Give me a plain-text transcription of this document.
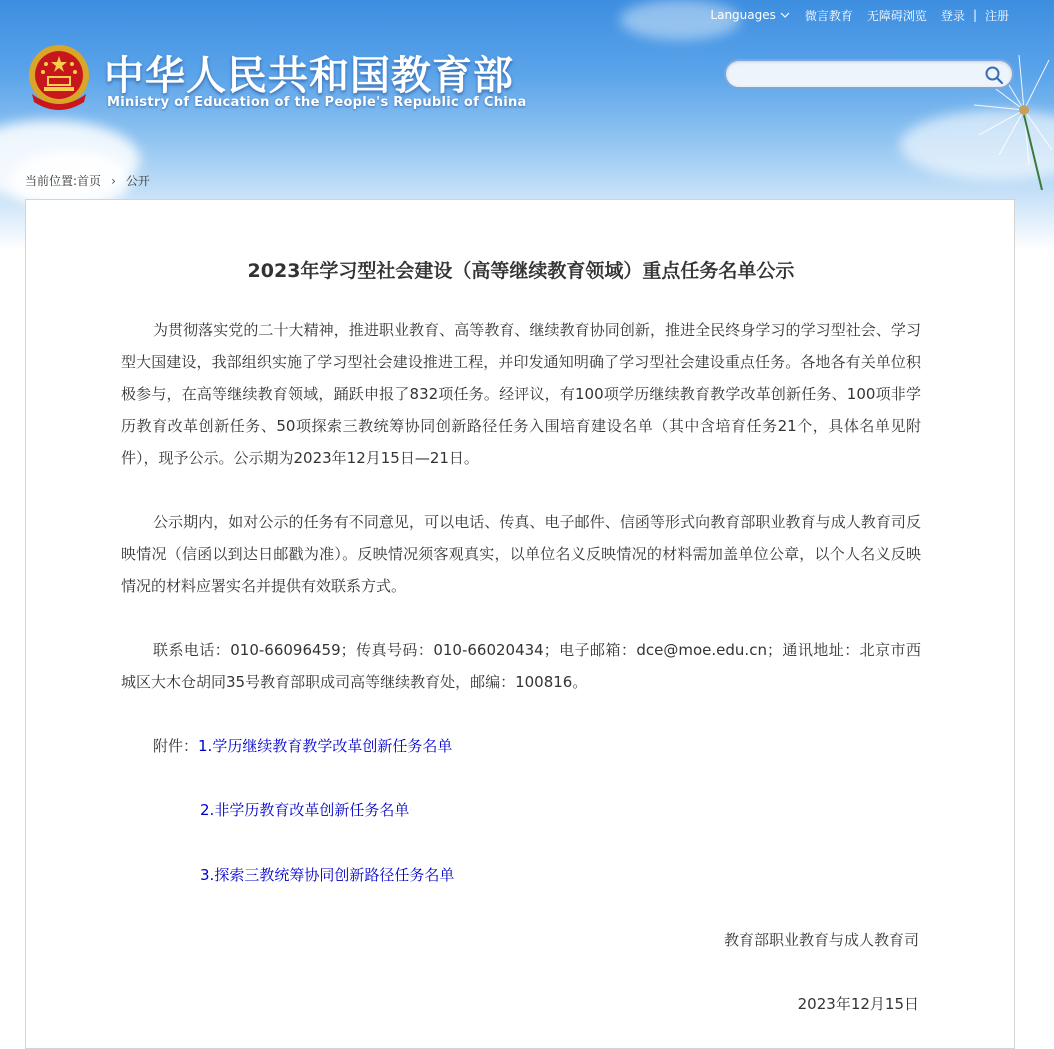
Languages	微言教育	无障碍浏览	登录 | 注册
中华人民共和国教育部
Ministry of Education of the People's Republic of China
当前位置: 首页 › 公开
2023年学习型社会建设（高等继续教育领域）重点任务名单公示

为贯彻落实党的二十大精神，推进职业教育、高等教育、继续教育协同创新，推进全民终身学习的学习型社会、学习型大国建设，我部组织实施了学习型社会建设推进工程，并印发通知明确了学习型社会建设重点任务。各地各有关单位积极参与，在高等继续教育领域，踊跃申报了832项任务。经评议，有100项学历继续教育教学改革创新任务、100项非学历教育改革创新任务、50项探索三教统筹协同创新路径任务入围培育建设名单（其中含培育任务21个，具体名单见附件），现予公示。公示期为2023年12月15日—21日。

公示期内，如对公示的任务有不同意见，可以电话、传真、电子邮件、信函等形式向教育部职业教育与成人教育司反映情况（信函以到达日邮戳为准）。反映情况须客观真实，以单位名义反映情况的材料需加盖单位公章，以个人名义反映情况的材料应署实名并提供有效联系方式。

联系电话：010-66096459；传真号码：010-66020434；电子邮箱：dce@moe.edu.cn；通讯地址：北京市西城区大木仓胡同35号教育部职成司高等继续教育处，邮编：100816。

附件：1.学历继续教育教学改革创新任务名单
2.非学历教育改革创新任务名单
3.探索三教统筹协同创新路径任务名单
教育部职业教育与成人教育司
2023年12月15日
